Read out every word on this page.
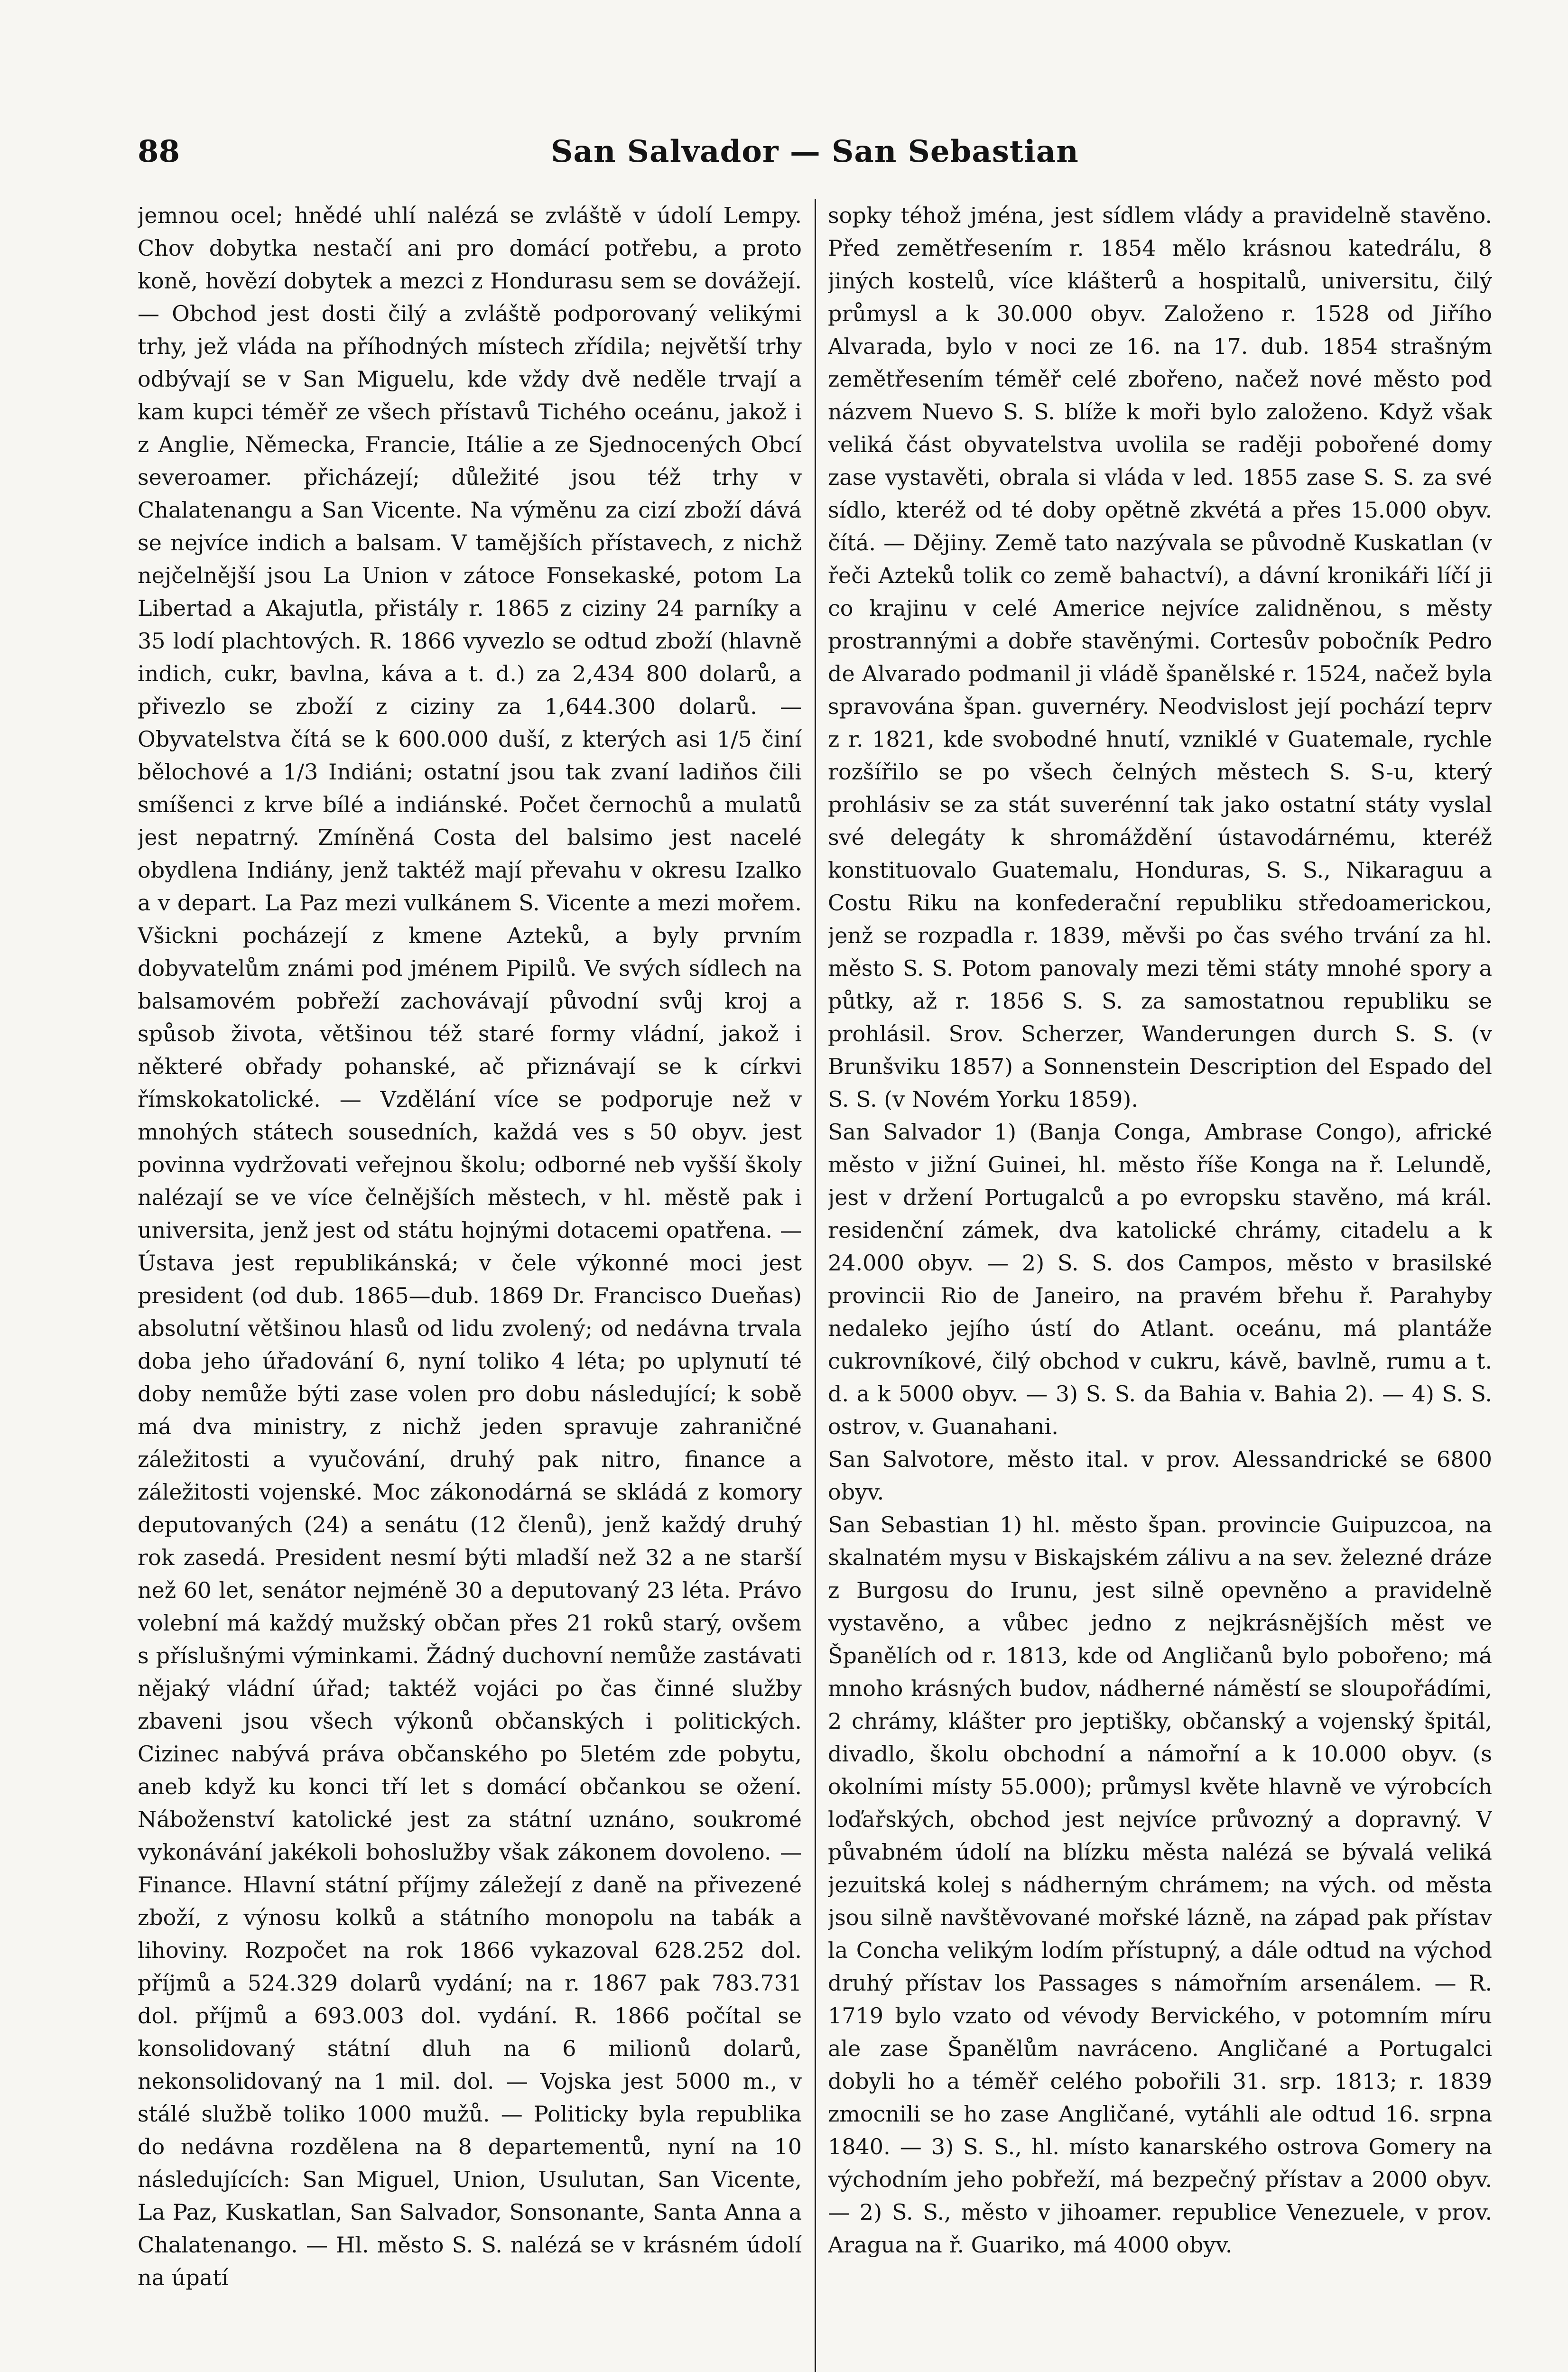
88	San Salvador — San Sebastian

jemnou ocel; hnědé uhlí nalézá se zvláště v údolí Lempy. Chov dobytka nestačí ani pro domácí potřebu, a proto koně, hovězí dobytek a mezci z Hondurasu sem se dovážejí. — Obchod jest dosti čilý a zvláště podporovaný velikými trhy, jež vláda na příhodných místech zřídila; největší trhy odbývají se v San Miguelu, kde vždy dvě neděle trvají a kam kupci téměř ze všech přístavů Tichého oceánu, jakož i z Anglie, Německa, Francie, Itálie a ze Sjednocených Obcí severoamer. přicházejí; důležité jsou též trhy v Chalatenangu a San Vicente. Na výměnu za cizí zboží dává se nejvíce indich a balsam. V tamějších přístavech, z nichž nejčelnější jsou La Union v zátoce Fonsekaské, potom La Libertad a Akajutla, přistály r. 1865 z ciziny 24 parníky a 35 lodí plachtových. R. 1866 vyvezlo se odtud zboží (hlavně indich, cukr, bavlna, káva a t. d.) za 2,434 800 dolarů, a přivezlo se zboží z ciziny za 1,644.300 dolarů. — Obyvatelstva čítá se k 600.000 duší, z kterých asi 1/5 činí bělochové a 1/3 Indiáni; ostatní jsou tak zvaní ladiňos čili smíšenci z krve bílé a indiánské. Počet černochů a mulatů jest nepatrný. Zmíněná Costa del balsimo jest nacelé obydlena Indiány, jenž taktéž mají převahu v okresu Izalko a v depart. La Paz mezi vulkánem S. Vicente a mezi mořem. Všickni pocházejí z kmene Azteků, a byly prvním dobyvatelům známi pod jménem Pipilů. Ve svých sídlech na balsamovém pobřeží zachovávají původní svůj kroj a spůsob života, většinou též staré formy vládní, jakož i některé obřady pohanské, ač přiznávají se k církvi římskokatolické. — Vzdělání více se podporuje než v mnohých státech sousedních, každá ves s 50 obyv. jest povinna vydržovati veřejnou školu; odborné neb vyšší školy nalézají se ve více čelnějších městech, v hl. městě pak i universita, jenž jest od státu hojnými dotacemi opatřena. — Ústava jest republikánská; v čele výkonné moci jest president (od dub. 1865—dub. 1869 Dr. Francisco Dueňas) absolutní většinou hlasů od lidu zvolený; od nedávna trvala doba jeho úřadování 6, nyní toliko 4 léta; po uplynutí té doby nemůže býti zase volen pro dobu následující; k sobě má dva ministry, z nichž jeden spravuje zahraničné záležitosti a vyučování, druhý pak nitro, finance a záležitosti vojenské. Moc zákonodárná se skládá z komory deputovaných (24) a senátu (12 členů), jenž každý druhý rok zasedá. President nesmí býti mladší než 32 a ne starší než 60 let, senátor nejméně 30 a deputovaný 23 léta. Právo volební má každý mužský občan přes 21 roků starý, ovšem s příslušnými výminkami. Žádný duchovní nemůže zastávati nějaký vládní úřad; taktéž vojáci po čas činné služby zbaveni jsou všech výkonů občanských i politických. Cizinec nabývá práva občanského po 5letém zde pobytu, aneb když ku konci tří let s domácí občankou se ožení. Náboženství katolické jest za státní uznáno, soukromé vykonávání jakékoli bohoslužby však zákonem dovoleno. — Finance. Hlavní státní příjmy záležejí z daně na přivezené zboží, z výnosu kolků a státního monopolu na tabák a lihoviny. Rozpočet na rok 1866 vykazoval 628.252 dol. příjmů a 524.329 dolarů vydání; na r. 1867 pak 783.731 dol. příjmů a 693.003 dol. vydání. R. 1866 počítal se konsolidovaný státní dluh na 6 milionů dolarů, nekonsolidovaný na 1 mil. dol. — Vojska jest 5000 m., v stálé službě toliko 1000 mužů. — Politicky byla republika do nedávna rozdělena na 8 departementů, nyní na 10 následujících: San Miguel, Union, Usulutan, San Vicente, La Paz, Kuskatlan, San Salvador, Sonsonante, Santa Anna a Chalatenango. — Hl. město S. S. nalézá se v krásném údolí na úpatí

sopky téhož jména, jest sídlem vlády a pravidelně stavěno. Před zemětřesením r. 1854 mělo krásnou katedrálu, 8 jiných kostelů, více klášterů a hospitalů, universitu, čilý průmysl a k 30.000 obyv. Založeno r. 1528 od Jiřího Alvarada, bylo v noci ze 16. na 17. dub. 1854 strašným zemětřesením téměř celé zbořeno, načež nové město pod názvem Nuevo S. S. blíže k moři bylo založeno. Když však veliká část obyvatelstva uvolila se raději pobořené domy zase vystavěti, obrala si vláda v led. 1855 zase S. S. za své sídlo, kteréž od té doby opětně zkvétá a přes 15.000 obyv. čítá. — Dějiny. Země tato nazývala se původně Kuskatlan (v řeči Azteků tolik co země bahactví), a dávní kronikáři líčí ji co krajinu v celé Americe nejvíce zalidněnou, s městy prostrannými a dobře stavěnými. Cortesův pobočník Pedro de Alvarado podmanil ji vládě španělské r. 1524, načež byla spravována špan. guvernéry. Neodvislost její pochází teprv z r. 1821, kde svobodné hnutí, vzniklé v Guatemale, rychle rozšířilo se po všech čelných městech S. S-u, který prohlásiv se za stát suverénní tak jako ostatní státy vyslal své delegáty k shromáždění ústavodárnému, kteréž konstituovalo Guatemalu, Honduras, S. S., Nikaraguu a Costu Riku na konfederační republiku středoamerickou, jenž se rozpadla r. 1839, měvši po čas svého trvání za hl. město S. S. Potom panovaly mezi těmi státy mnohé spory a půtky, až r. 1856 S. S. za samostatnou republiku se prohlásil. Srov. Scherzer, Wanderungen durch S. S. (v Brunšviku 1857) a Sonnenstein Description del Espado del S. S. (v Novém Yorku 1859).

San Salvador 1) (Banja Conga, Ambrase Congo), africké město v jižní Guinei, hl. město říše Konga na ř. Lelundě, jest v držení Portugalců a po evropsku stavěno, má král. residenční zámek, dva katolické chrámy, citadelu a k 24.000 obyv. — 2) S. S. dos Campos, město v brasilské provincii Rio de Janeiro, na pravém břehu ř. Parahyby nedaleko jejího ústí do Atlant. oceánu, má plantáže cukrovníkové, čilý obchod v cukru, kávě, bavlně, rumu a t. d. a k 5000 obyv. — 3) S. S. da Bahia v. Bahia 2). — 4) S. S. ostrov, v. Guanahani.

San Salvotore, město ital. v prov. Alessandrické se 6800 obyv.

San Sebastian 1) hl. město špan. provincie Guipuzcoa, na skalnatém mysu v Biskajském zálivu a na sev. železné dráze z Burgosu do Irunu, jest silně opevněno a pravidelně vystavěno, a vůbec jedno z nejkrásnějších měst ve Španělích od r. 1813, kde od Angličanů bylo pobořeno; má mnoho krásných budov, nádherné náměstí se sloupořádími, 2 chrámy, klášter pro jeptišky, občanský a vojenský špitál, divadlo, školu obchodní a námořní a k 10.000 obyv. (s okolními místy 55.000); průmysl květe hlavně ve výrobcích loďařských, obchod jest nejvíce průvozný a dopravný. V půvabném údolí na blízku města nalézá se bývalá veliká jezuitská kolej s nádherným chrámem; na vých. od města jsou silně navštěvované mořské lázně, na západ pak přístav la Concha velikým lodím přístupný, a dále odtud na východ druhý přístav los Passages s námořním arsenálem. — R. 1719 bylo vzato od vévody Bervického, v potomním míru ale zase Španělům navráceno. Angličané a Portugalci dobyli ho a téměř celého pobořili 31. srp. 1813; r. 1839 zmocnili se ho zase Angličané, vytáhli ale odtud 16. srpna 1840. — 3) S. S., hl. místo kanarského ostrova Gomery na východním jeho pobřeží, má bezpečný přístav a 2000 obyv. — 2) S. S., město v jihoamer. republice Venezuele, v prov. Aragua na ř. Guariko, má 4000 obyv.
